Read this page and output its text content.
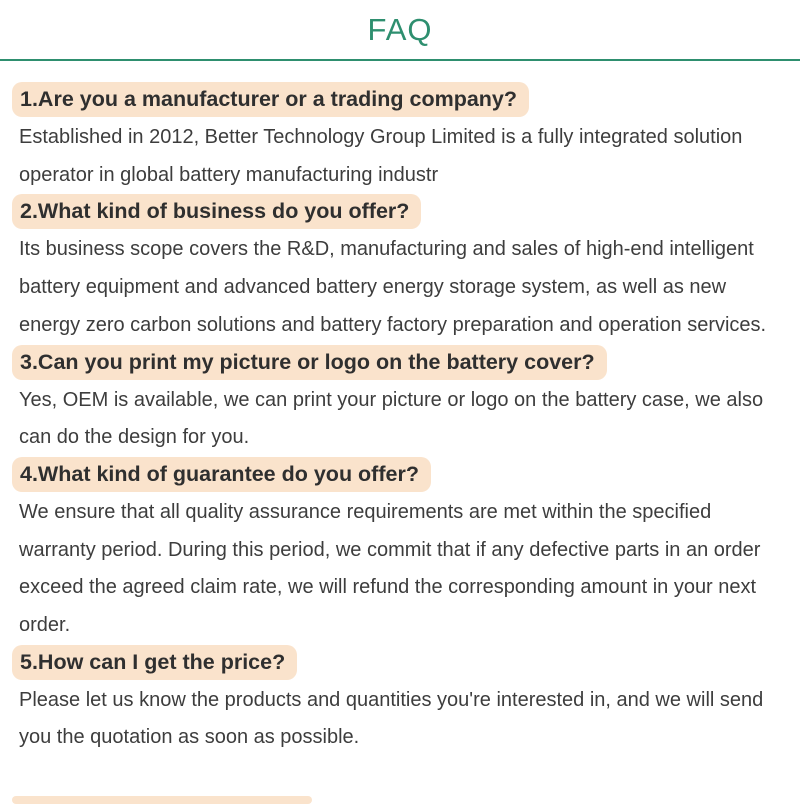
FAQ
1.Are you a manufacturer or a trading company?

Established in 2012, Better Technology Group Limited is a fully integrated solution operator in global battery manufacturing industr

2.What kind of business do you offer?

Its business scope covers the R&D, manufacturing and sales of high-end intelligent battery equipment and advanced battery energy storage system, as well as new energy zero carbon solutions and battery factory preparation and operation services.

3.Can you print my picture or logo on the battery cover?

Yes, OEM is available, we can print your picture or logo on the battery case, we also can do the design for you.

4.What kind of guarantee do you offer?

We ensure that all quality assurance requirements are met within the specified warranty period. During this period, we commit that if any defective parts in an order exceed the agreed claim rate, we will refund the corresponding amount in your next order.

5.How can I get the price?

Please let us know the products and quantities you're interested in, and we will send you the quotation as soon as possible.
